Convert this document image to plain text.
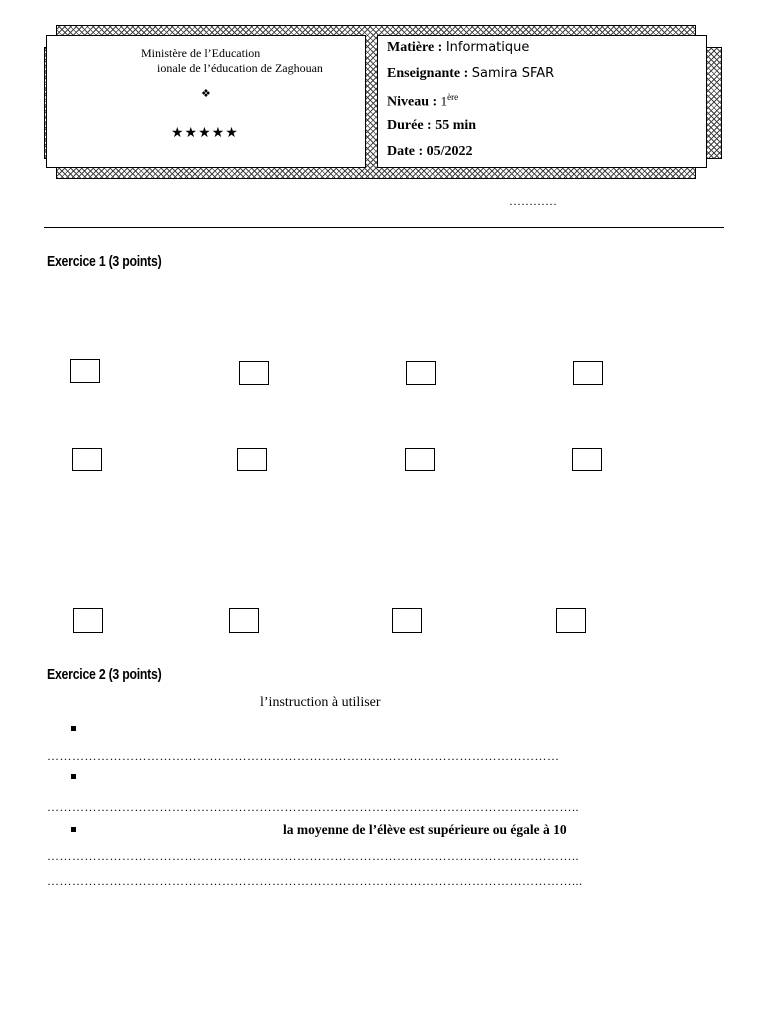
Ministère de l’Education
ionale de l’éducation de Zaghouan
❖
★★★★★
Matière : Informatique
Enseignante : Samira SFAR
Niveau : 1ère
Durée : 55 min
Date : 05/2022
…………
Exercice 1 (3 points)
Exercice 2 (3 points)
l’instruction à utiliser
……………………………………………………………………………………………………………
………………………………………………………………………………………………………………..
la moyenne de l’élève est supérieure ou égale à 10
………………………………………………………………………………………………………………..
………………………………………………………………………………………………………………...
